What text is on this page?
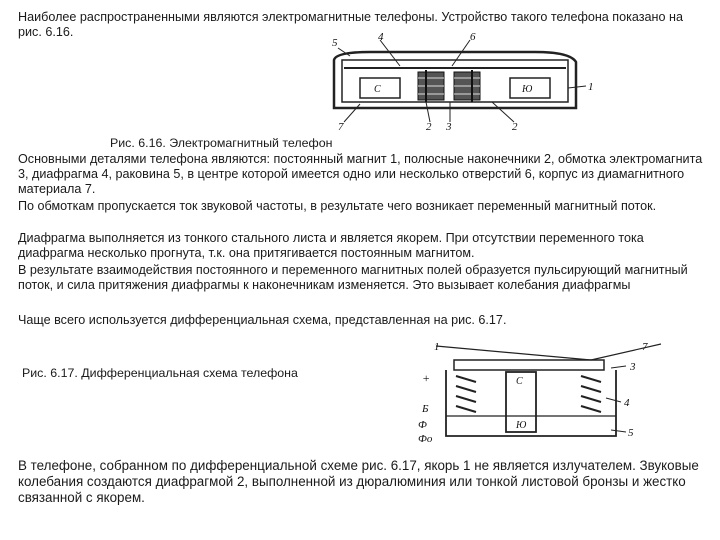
Наиболее распространенными являются электромагнитные телефоны. Устройство такого телефона показано на рис. 6.16.

5	4	6
1
7	2 3	2
С	Ю
Рис. 6.16. Электромагнитный телефон

Основными деталями телефона являются: постоянный магнит 1, полюсные наконечники 2, обмотка электромагнита 3, диафрагма 4, раковина 5, в центре которой имеется одно или несколько отверстий 6, корпус из диамагнитного материала 7.

По обмоткам пропускается ток звуковой частоты, в результате чего возникает переменный магнитный поток.

Диафрагма выполняется из тонкого стального листа и является якорем. При отсутствии переменного тока диафрагма несколько прогнута, т.к. она притягивается постоянным магнитом.

В результате взаимодействия постоянного и переменного магнитных полей образуется пульсирующий магнитный поток, и сила притяжения диафрагмы к наконечникам изменяется. Это вызывает колебания диафрагмы

Чаще всего используется дифференциальная схема, представленная на рис. 6.17.

1	7
3
4
5
+
Б
Ф
Фo
С
Ю
Рис. 6.17. Дифференциальная схема телефона

В телефоне, собранном по дифференциальной схеме рис. 6.17, якорь 1 не является излучателем. Звуковые колебания создаются диафрагмой 2, выполненной из дюралюминия или тонкой листовой бронзы и жестко связанной с якорем.
